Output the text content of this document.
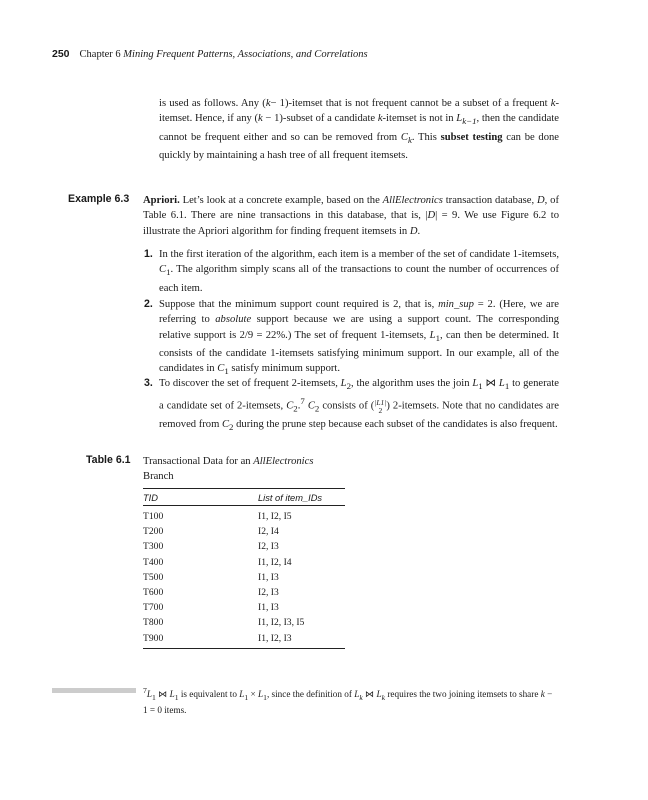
250 Chapter 6 Mining Frequent Patterns, Associations, and Correlations
is used as follows. Any (k− 1)-itemset that is not frequent cannot be a subset of a frequent k-itemset. Hence, if any (k − 1)-subset of a candidate k-itemset is not in $L_{k-1}$, then the candidate cannot be frequent either and so can be removed from $C_k$. This subset testing can be done quickly by maintaining a hash tree of all frequent itemsets.
Example 6.3 Apriori. Let’s look at a concrete example, based on the AllElectronics transaction database, D, of Table 6.1. There are nine transactions in this database, that is, |D| = 9. We use Figure 6.2 to illustrate the Apriori algorithm for finding frequent itemsets in D.
1. In the first iteration of the algorithm, each item is a member of the set of candidate 1-itemsets, $C_1$. The algorithm simply scans all of the transactions to count the number of occurrences of each item.
2. Suppose that the minimum support count required is 2, that is, min_sup = 2. (Here, we are referring to absolute support because we are using a support count. The corresponding relative support is 2/9 = 22%.) The set of frequent 1-itemsets, $L_1$, can then be determined. It consists of the candidate 1-itemsets satisfying minimum support. In our example, all of the candidates in $C_1$ satisfy minimum support.
3. To discover the set of frequent 2-itemsets, $L_2$, the algorithm uses the join $L_1$ ⋈ $L_1$ to generate a candidate set of 2-itemsets, $C_2.^7$ $C_2$ consists of ( |L1|
2 ) 2-itemsets. Note that no candidates are removed from $C_2$ during the prune step because each subset of the candidates is also frequent.
Table 6.1 Transactional Data for an AllElectronics Branch
TID	List of item_IDs
T100	I1, I2, I5
T200	I2, I4
T300	I2, I3
T400	I1, I2, I4
T500	I1, I3
T600	I2, I3
T700	I1, I3
T800	I1, I2, I3, I5
T900	I1, I2, I3
$^7L_1$ ⋈ $L_1$ is equivalent to $L_1 \times L_1$, since the definition of $L_k$ ⋈ $L_k$ requires the two joining itemsets to share k − 1 = 0 items.
